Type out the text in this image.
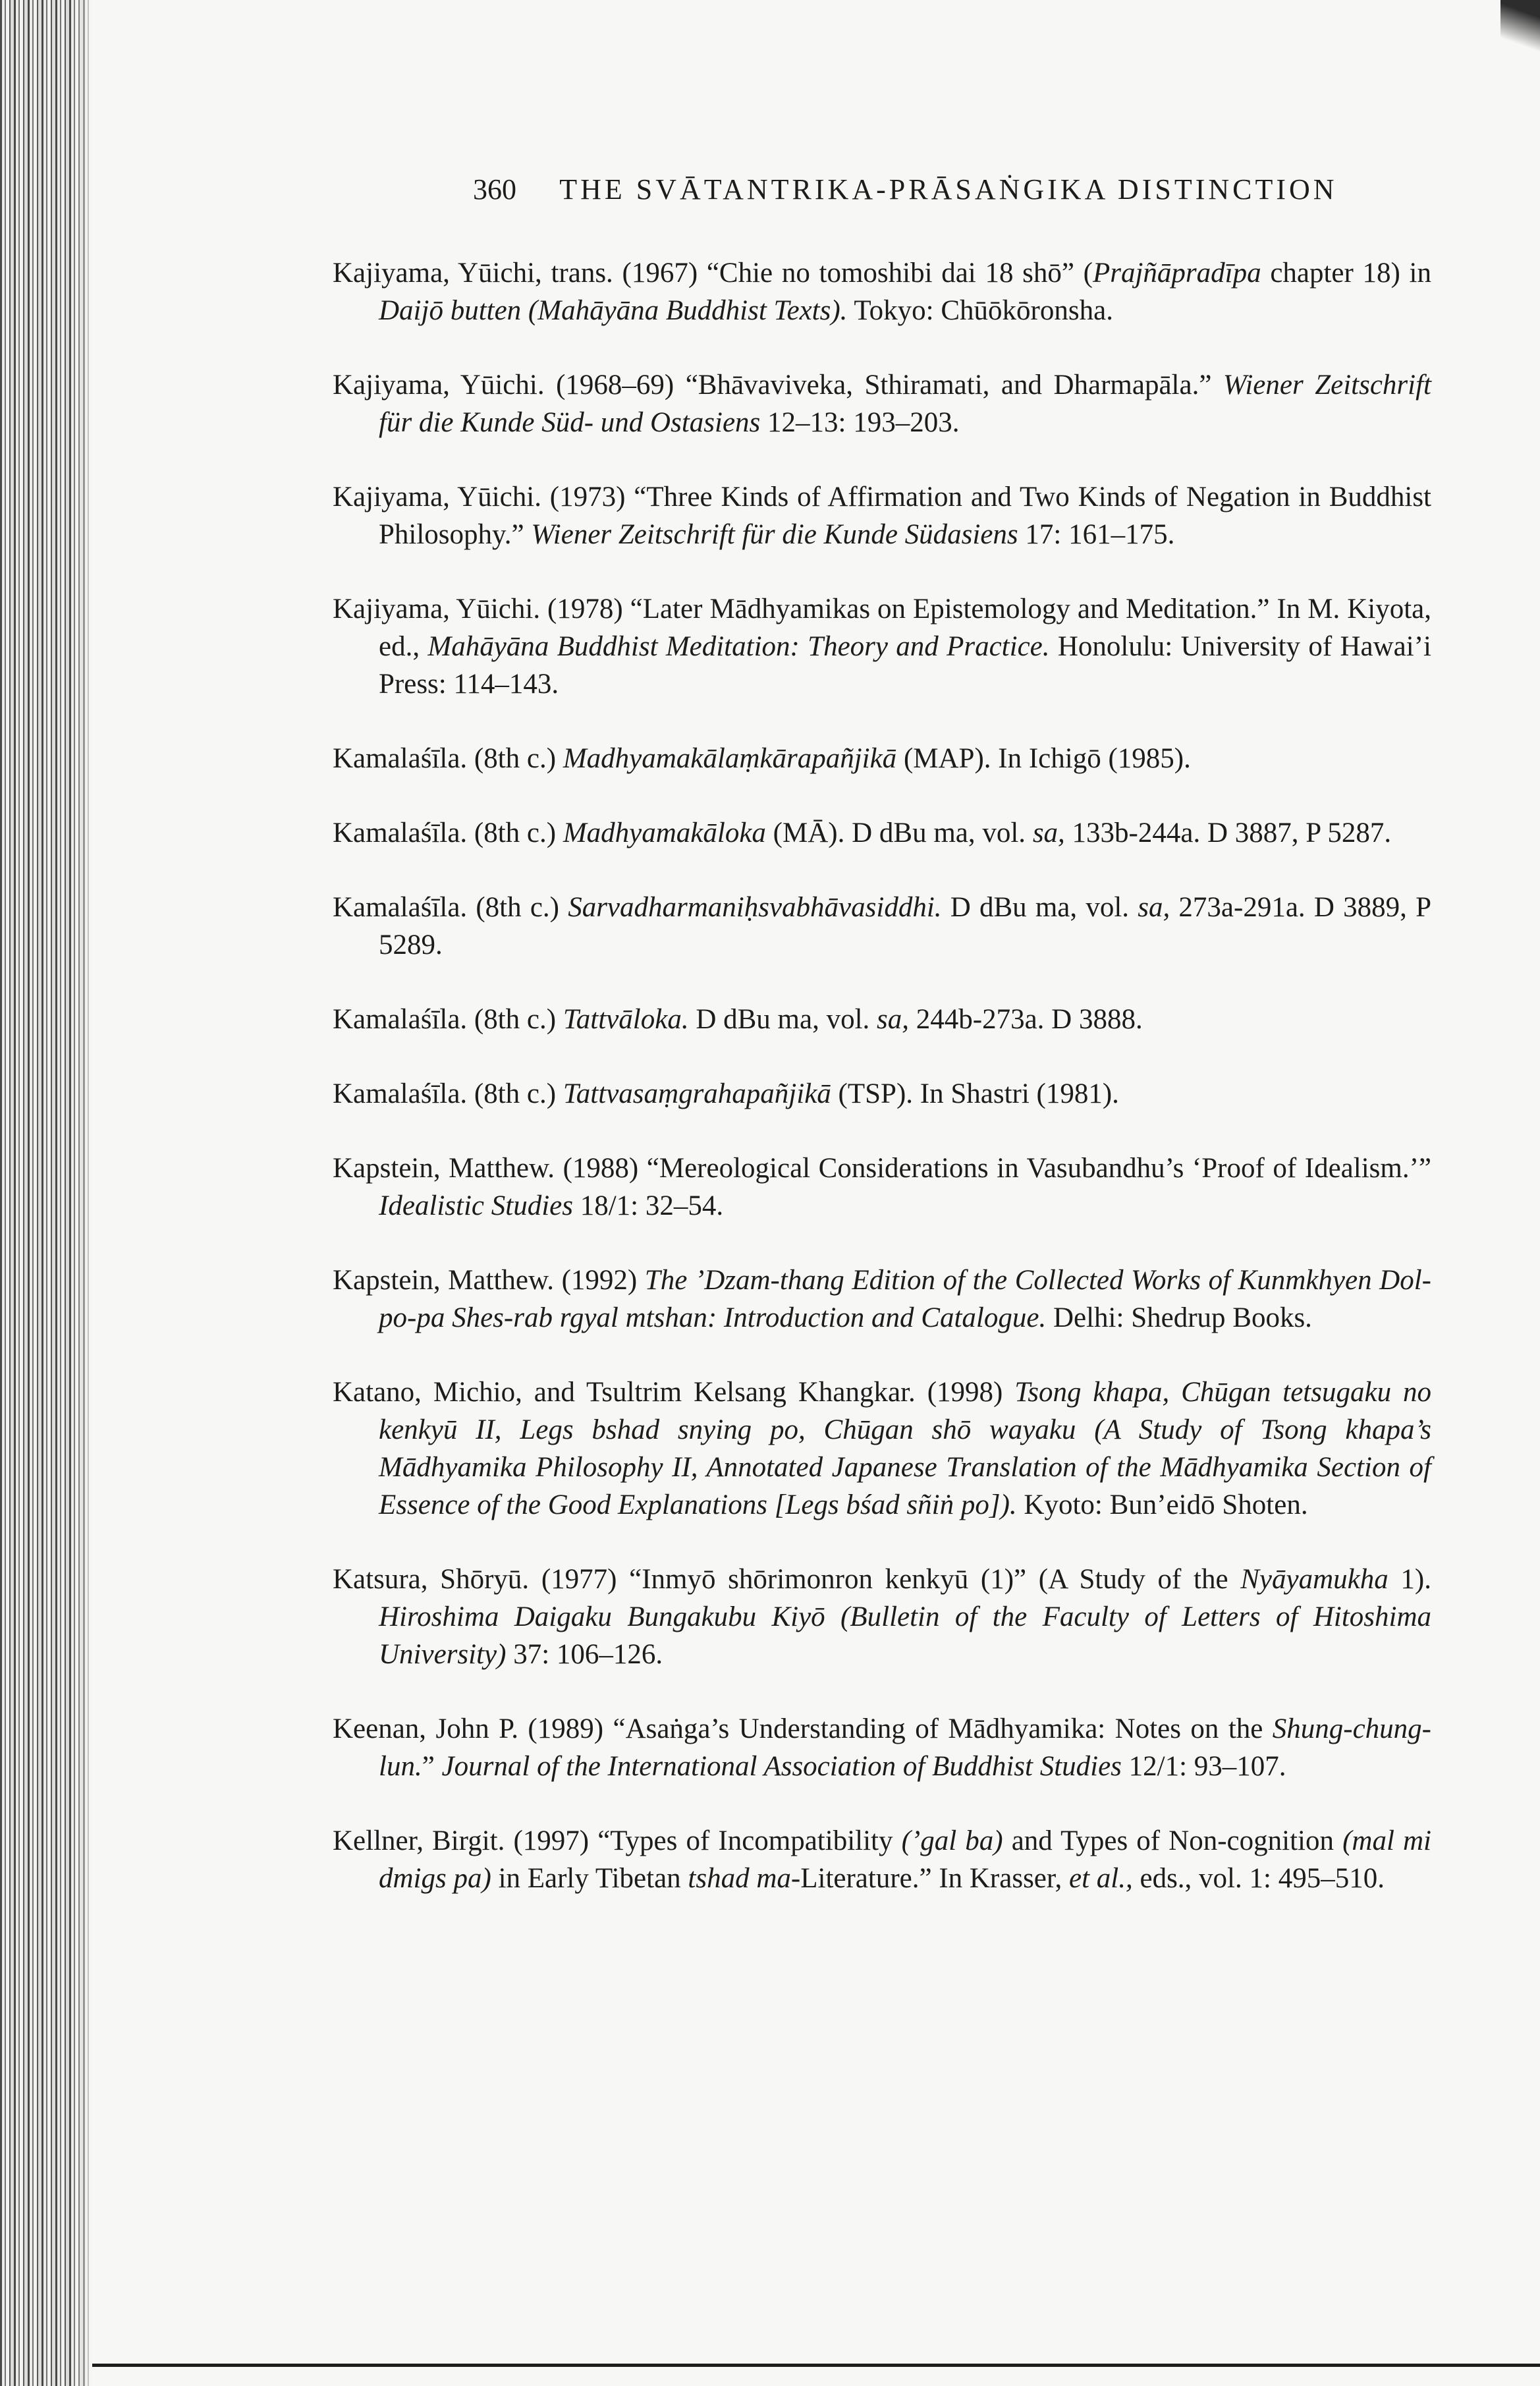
360 THE SVĀTANTRIKA-PRĀSAṄGIKA DISTINCTION
Kajiyama, Yūichi, trans. (1967) “Chie no tomoshibi dai 18 shō” (Prajñāpradīpa chapter 18) in Daijō butten (Mahāyāna Buddhist Texts). Tokyo: Chūōkōronsha.
Kajiyama, Yūichi. (1968–69) “Bhāvaviveka, Sthiramati, and Dharmapāla.” Wiener Zeitschrift für die Kunde Süd- und Ostasiens 12–13: 193–203.
Kajiyama, Yūichi. (1973) “Three Kinds of Affirmation and Two Kinds of Negation in Buddhist Philosophy.” Wiener Zeitschrift für die Kunde Südasiens 17: 161–175.
Kajiyama, Yūichi. (1978) “Later Mādhyamikas on Epistemology and Meditation.” In M. Kiyota, ed., Mahāyāna Buddhist Meditation: Theory and Practice. Honolulu: University of Hawai’i Press: 114–143.
Kamalaśīla. (8th c.) Madhyamakālaṃkārapañjikā (MAP). In Ichigō (1985).
Kamalaśīla. (8th c.) Madhyamakāloka (MĀ). D dBu ma, vol. sa, 133b-244a. D 3887, P 5287.
Kamalaśīla. (8th c.) Sarvadharmaniḥsvabhāvasiddhi. D dBu ma, vol. sa, 273a-291a. D 3889, P 5289.
Kamalaśīla. (8th c.) Tattvāloka. D dBu ma, vol. sa, 244b-273a. D 3888.
Kamalaśīla. (8th c.) Tattvasaṃgrahapañjikā (TSP). In Shastri (1981).
Kapstein, Matthew. (1988) “Mereological Considerations in Vasubandhu’s ‘Proof of Idealism.’” Idealistic Studies 18/1: 32–54.
Kapstein, Matthew. (1992) The ’Dzam-thang Edition of the Collected Works of Kunmkhyen Dol-po-pa Shes-rab rgyal mtshan: Introduction and Catalogue. Delhi: Shedrup Books.
Katano, Michio, and Tsultrim Kelsang Khangkar. (1998) Tsong khapa, Chūgan tetsugaku no kenkyū II, Legs bshad snying po, Chūgan shō wayaku (A Study of Tsong khapa’s Mādhyamika Philosophy II, Annotated Japanese Translation of the Mādhyamika Section of Essence of the Good Explanations [Legs bśad sñiṅ po]). Kyoto: Bun’eidō Shoten.
Katsura, Shōryū. (1977) “Inmyō shōrimonron kenkyū (1)” (A Study of the Nyāyamukha 1). Hiroshima Daigaku Bungakubu Kiyō (Bulletin of the Faculty of Letters of Hitoshima University) 37: 106–126.
Keenan, John P. (1989) “Asaṅga’s Understanding of Mādhyamika: Notes on the Shung-chung-lun.” Journal of the International Association of Buddhist Studies 12/1: 93–107.
Kellner, Birgit. (1997) “Types of Incompatibility (’gal ba) and Types of Non-cognition (mal mi dmigs pa) in Early Tibetan tshad ma-Literature.” In Krasser, et al., eds., vol. 1: 495–510.
